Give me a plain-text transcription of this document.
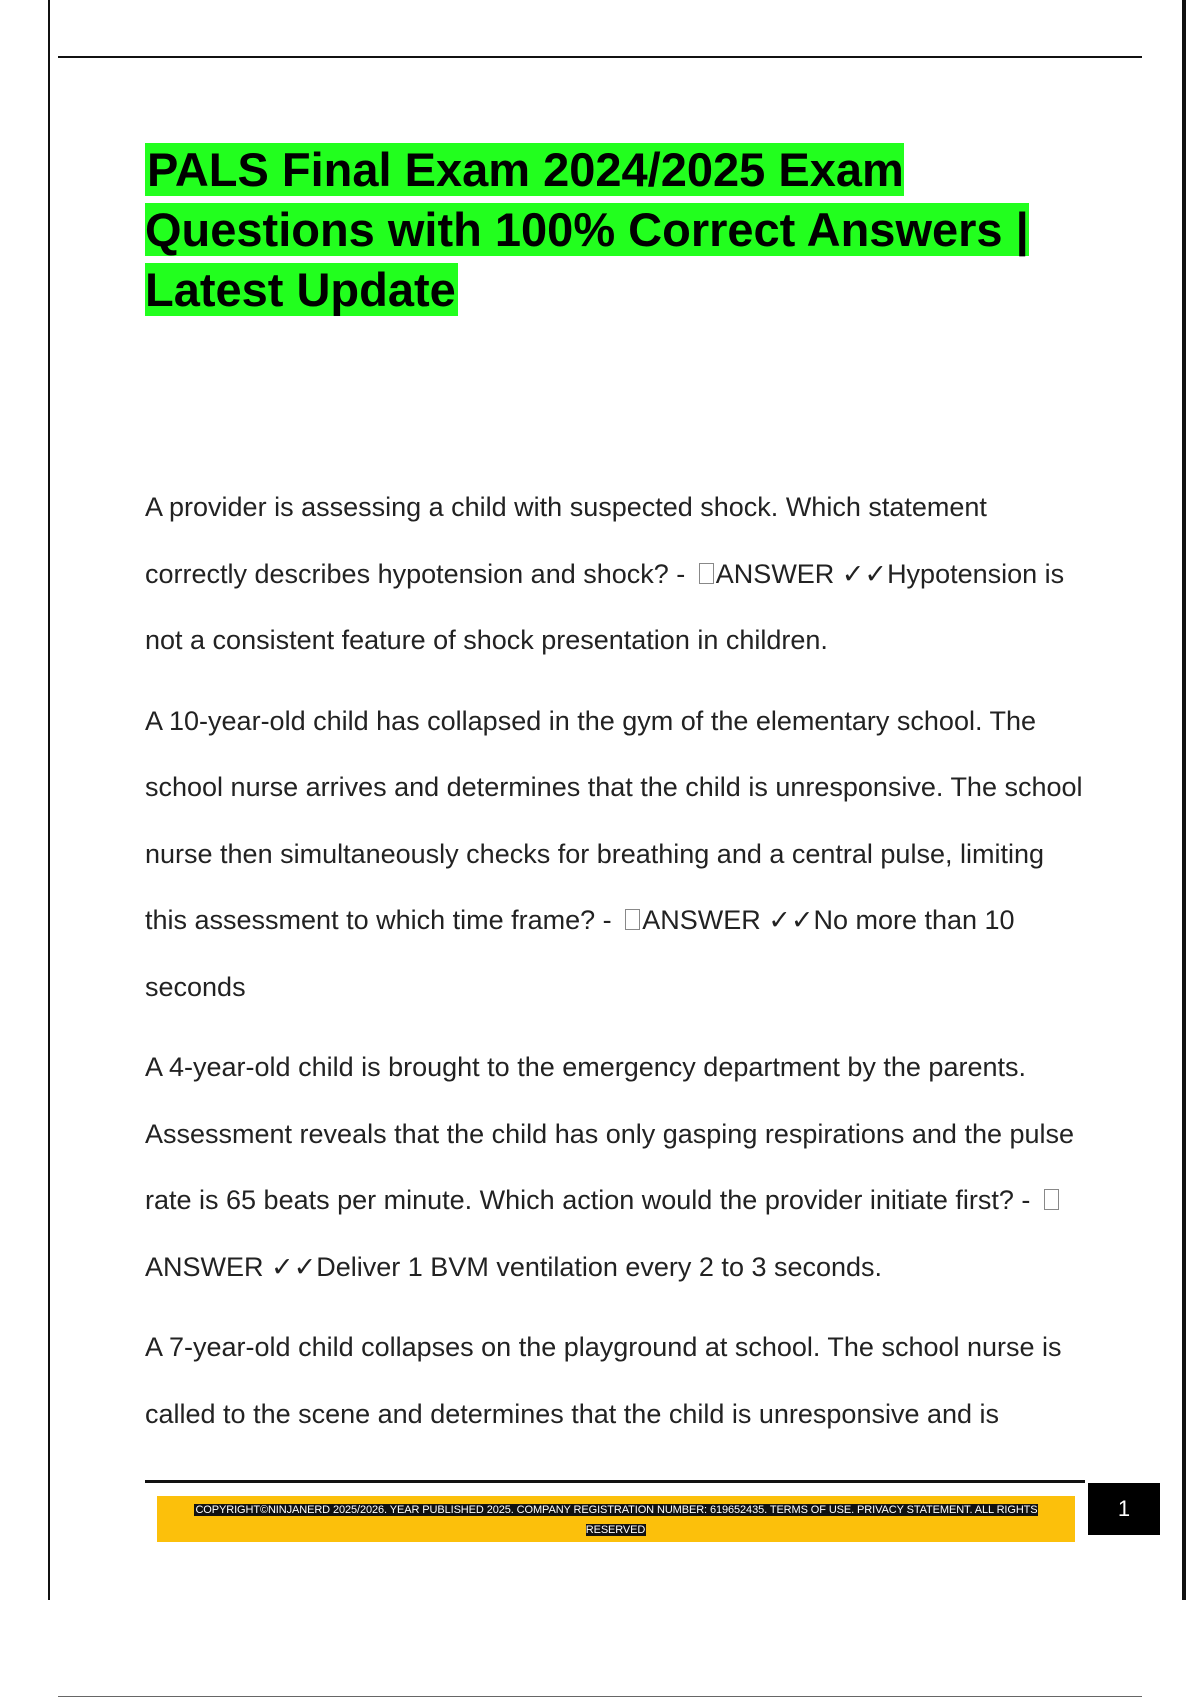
PALS Final Exam 2024/2025 Exam Questions with 100% Correct Answers | Latest Update

A provider is assessing a child with suspected shock. Which statement correctly describes hypotension and shock? - ANSWER ✓✓Hypotension is not a consistent feature of shock presentation in children.

A 10-year-old child has collapsed in the gym of the elementary school. The school nurse arrives and determines that the child is unresponsive. The school nurse then simultaneously checks for breathing and a central pulse, limiting this assessment to which time frame? - ANSWER ✓✓No more than 10 seconds

A 4-year-old child is brought to the emergency department by the parents. Assessment reveals that the child has only gasping respirations and the pulse rate is 65 beats per minute. Which action would the provider initiate first? - ANSWER ✓✓Deliver 1 BVM ventilation every 2 to 3 seconds.

A 7-year-old child collapses on the playground at school. The school nurse is called to the scene and determines that the child is unresponsive and is

COPYRIGHT©NINJANERD 2025/2026. YEAR PUBLISHED 2025. COMPANY REGISTRATION NUMBER: 619652435. TERMS OF USE. PRIVACY STATEMENT. ALL RIGHTS RESERVED
1
